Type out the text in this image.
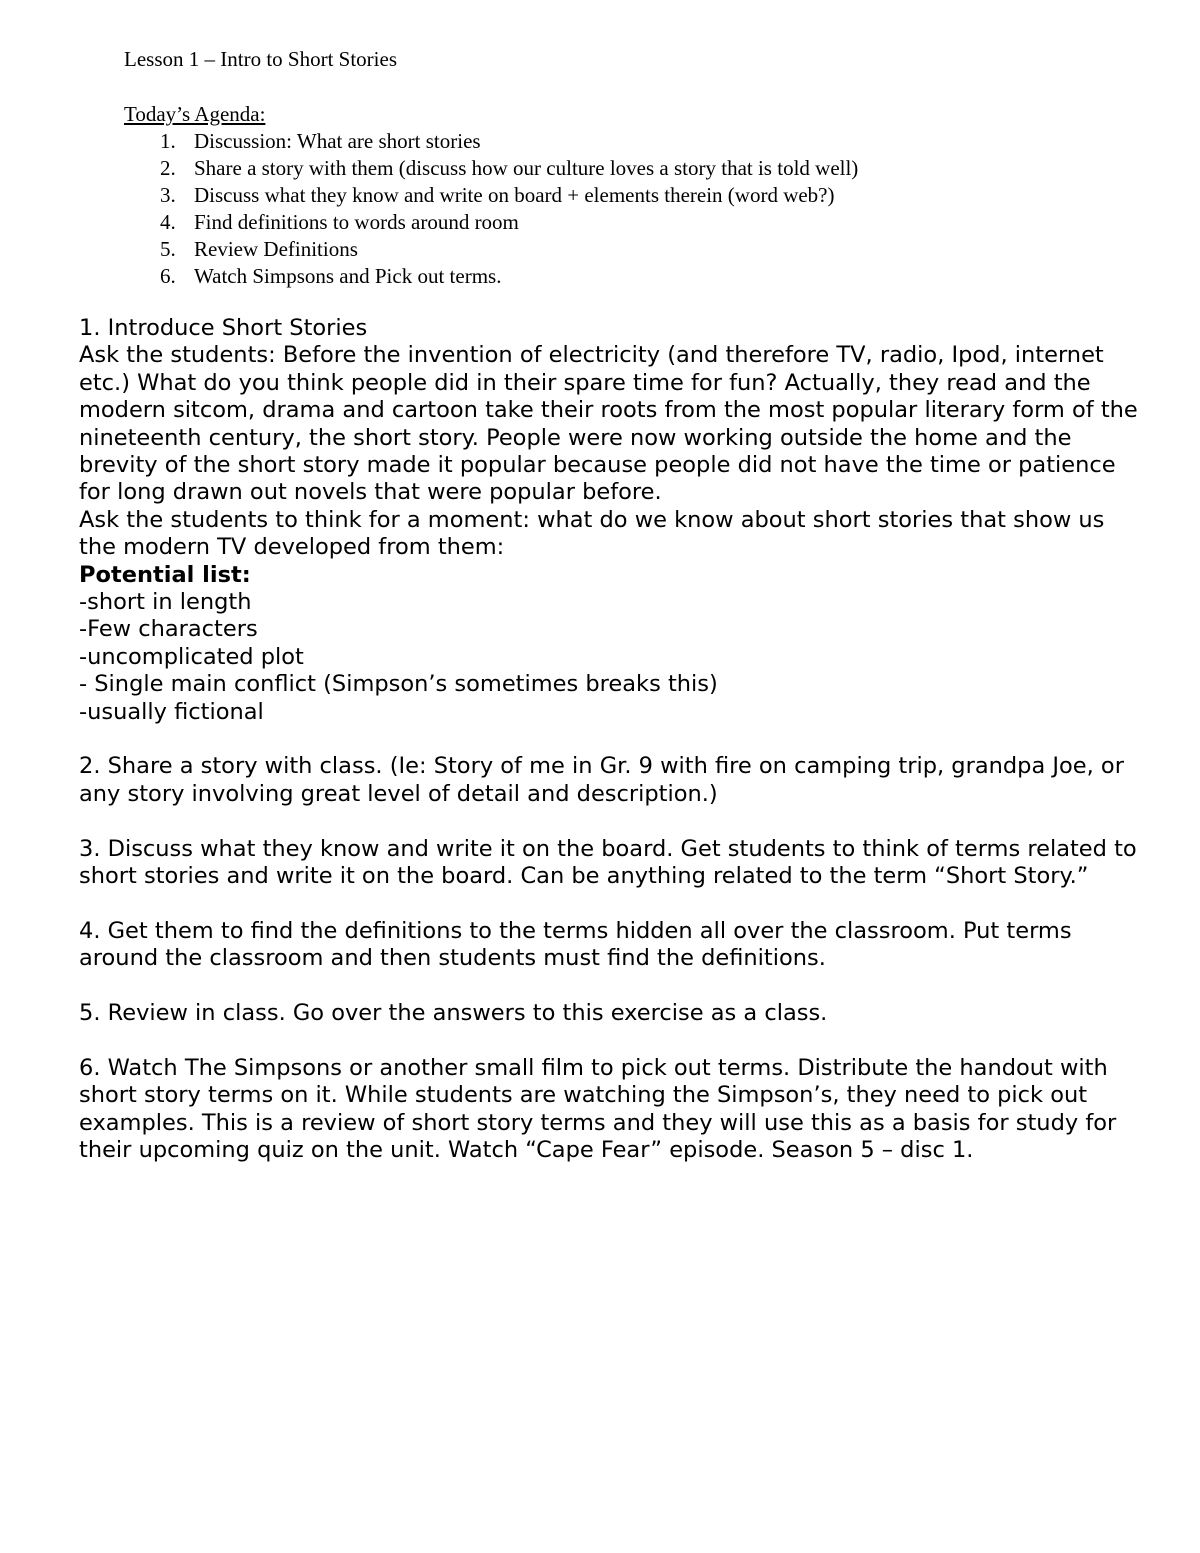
Lesson 1 – Intro to Short Stories
Today’s Agenda:
1. Discussion: What are short stories
2. Share a story with them (discuss how our culture loves a story that is told well)
3. Discuss what they know and write on board + elements therein (word web?)
4. Find definitions to words around room
5. Review Definitions
6. Watch Simpsons and Pick out terms.

1. Introduce Short Stories

Ask the students: Before the invention of electricity (and therefore TV, radio, Ipod, internet etc.) What do you think people did in their spare time for fun? Actually, they read and the modern sitcom, drama and cartoon take their roots from the most popular literary form of the nineteenth century, the short story. People were now working outside the home and the brevity of the short story made it popular because people did not have the time or patience for long drawn out novels that were popular before.

Ask the students to think for a moment: what do we know about short stories that show us the modern TV developed from them:

Potential list:

-short in length

-Few characters

-uncomplicated plot

- Single main conflict (Simpson’s sometimes breaks this)

-usually fictional

2. Share a story with class. (Ie: Story of me in Gr. 9 with fire on camping trip, grandpa Joe, or any story involving great level of detail and description.)

3. Discuss what they know and write it on the board. Get students to think of terms related to short stories and write it on the board. Can be anything related to the term “Short Story.”

4. Get them to find the definitions to the terms hidden all over the classroom. Put terms around the classroom and then students must find the definitions.

5. Review in class. Go over the answers to this exercise as a class.

6. Watch The Simpsons or another small film to pick out terms. Distribute the handout with short story terms on it. While students are watching the Simpson’s, they need to pick out examples. This is a review of short story terms and they will use this as a basis for study for their upcoming quiz on the unit. Watch “Cape Fear” episode. Season 5 – disc 1.
